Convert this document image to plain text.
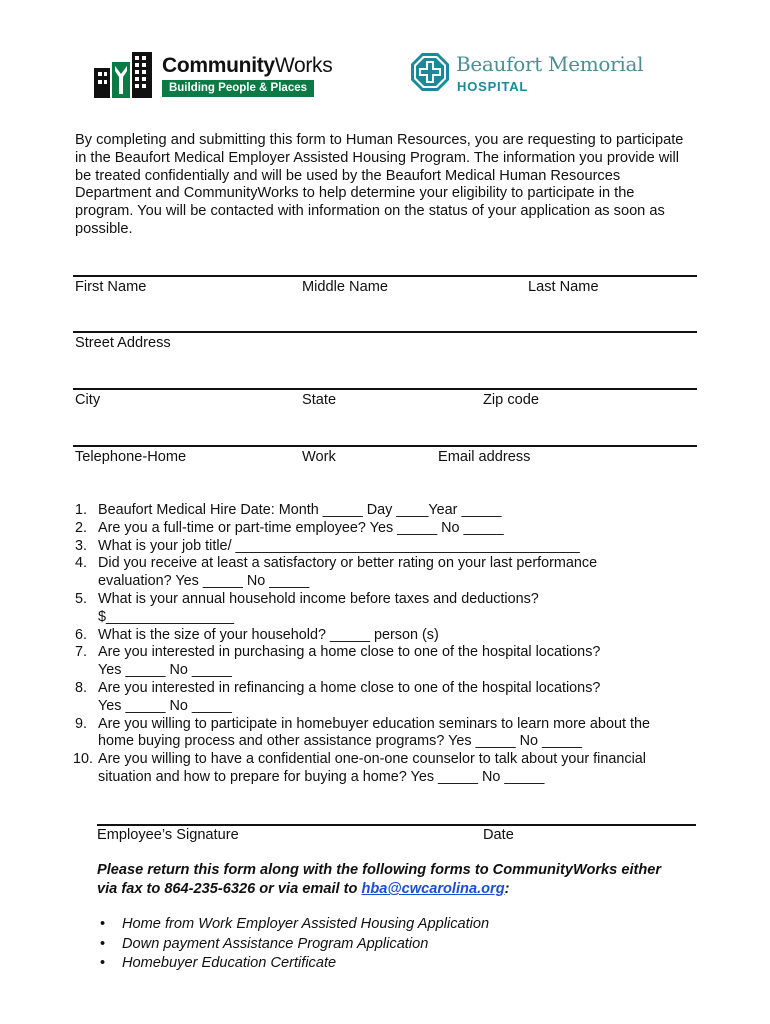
CommunityWorks
Building People & Places
Beaufort Memorial
HOSPITAL

By completing and submitting this form to Human Resources, you are requesting to participate in the Beaufort Medical Employer Assisted Housing Program. The information you provide will be treated confidentially and will be used by the Beaufort Medical Human Resources Department and CommunityWorks to help determine your eligibility to participate in the program. You will be contacted with information on the status of your application as soon as possible.

First Name	Middle Name	Last Name
Street Address
City	State	Zip code
Telephone-Home	Work	Email address
1. Beaufort Medical Hire Date: Month _____ Day ____Year _____
2. Are you a full-time or part-time employee? Yes _____ No _____
3. What is your job title/ ___________________________________________
4. Did you receive at least a satisfactory or better rating on your last performance
evaluation? Yes _____ No _____
5. What is your annual household income before taxes and deductions?
$________________
6. What is the size of your household? _____ person (s)
7. Are you interested in purchasing a home close to one of the hospital locations?
Yes _____ No _____
8. Are you interested in refinancing a home close to one of the hospital locations?
Yes _____ No _____
9. Are you willing to participate in homebuyer education seminars to learn more about the
home buying process and other assistance programs? Yes _____ No _____
10. Are you willing to have a confidential one-on-one counselor to talk about your financial
situation and how to prepare for buying a home? Yes _____ No _____
Employee’s Signature	Date

Please return this form along with the following forms to CommunityWorks either
via fax to 864-235-6326 or via email to hba@cwcarolina.org:

• Home from Work Employer Assisted Housing Application
• Down payment Assistance Program Application
• Homebuyer Education Certificate
